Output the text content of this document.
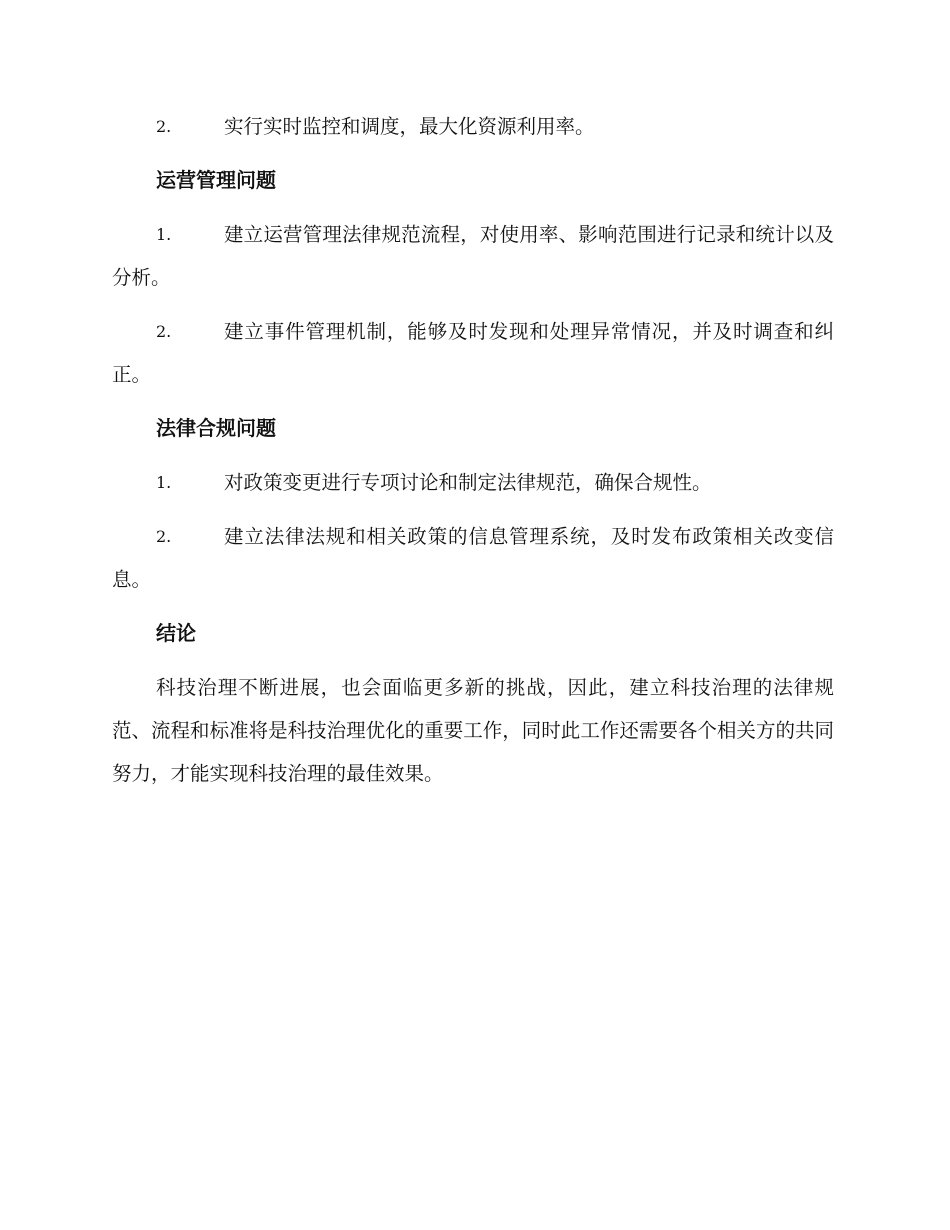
2.	实行实时监控和调度，最大化资源利用率。
运营管理问题
1.	建立运营管理法律规范流程，对使用率、影响范围进行记录和统计以及分析。
2.	建立事件管理机制，能够及时发现和处理异常情况，并及时调查和纠正。
法律合规问题
1.	对政策变更进行专项讨论和制定法律规范，确保合规性。
2.	建立法律法规和相关政策的信息管理系统，及时发布政策相关改变信息。
结论

科技治理不断进展，也会面临更多新的挑战，因此，建立科技治理的法律规范、流程和标准将是科技治理优化的重要工作，同时此工作还需要各个相关方的共同努力，才能实现科技治理的最佳效果。
